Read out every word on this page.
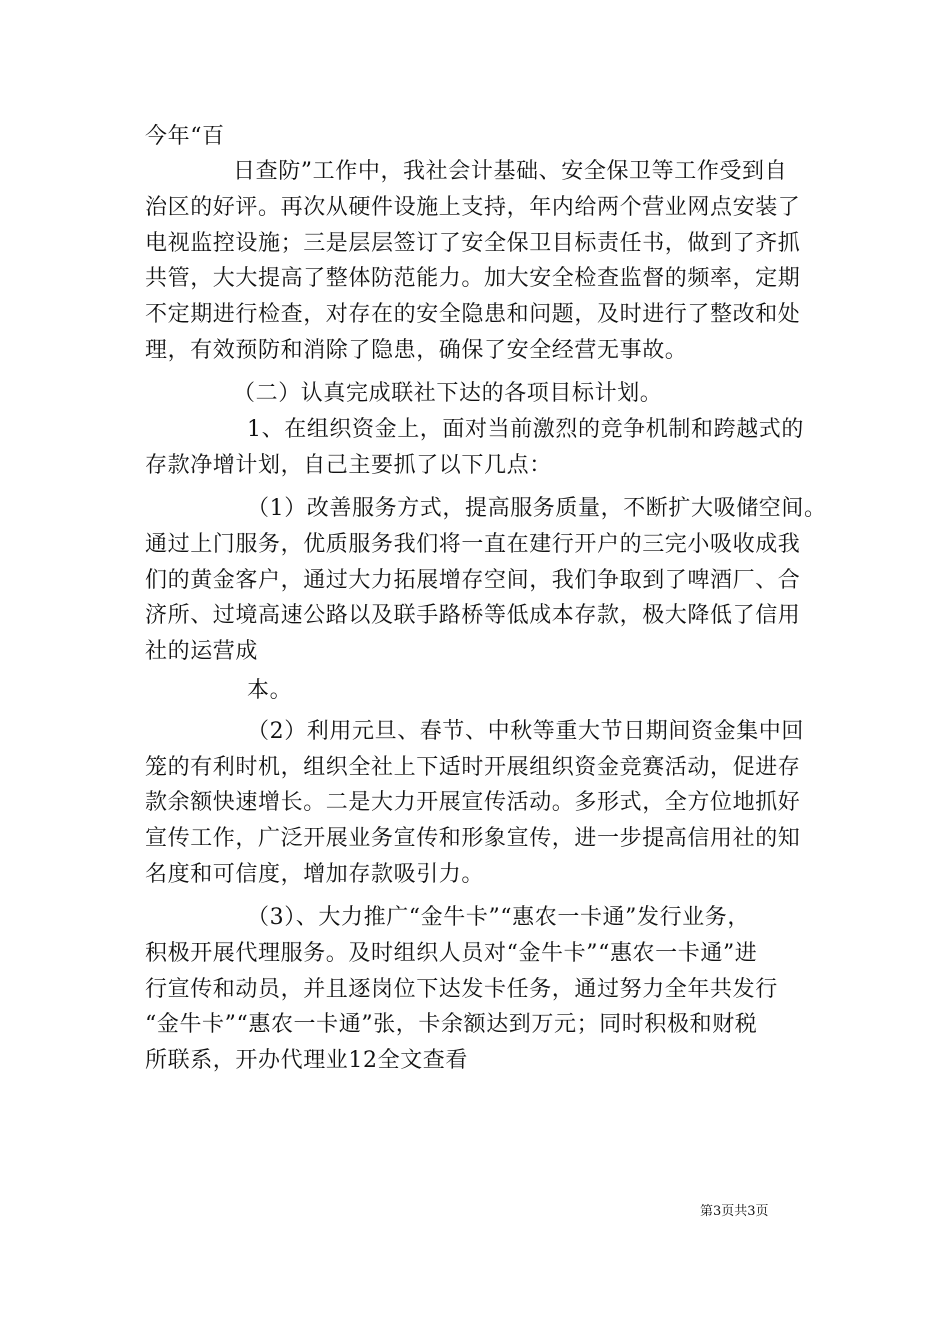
今年“百
日查防”工作中，我社会计基础、安全保卫等工作受到自
治区的好评。再次从硬件设施上支持，年内给两个营业网点安装了
电视监控设施；三是层层签订了安全保卫目标责任书，做到了齐抓
共管，大大提高了整体防范能力。加大安全检查监督的频率，定期
不定期进行检查，对存在的安全隐患和问题，及时进行了整改和处
理，有效预防和消除了隐患，确保了安全经营无事故。
（二）认真完成联社下达的各项目标计划。
1、在组织资金上，面对当前激烈的竞争机制和跨越式的
存款净增计划，自己主要抓了以下几点：
（1）改善服务方式，提高服务质量，不断扩大吸储空间。
通过上门服务，优质服务我们将一直在建行开户的三完小吸收成我
们的黄金客户，通过大力拓展增存空间，我们争取到了啤酒厂、合
济所、过境高速公路以及联手路桥等低成本存款，极大降低了信用
社的运营成
本。
（2）利用元旦、春节、中秋等重大节日期间资金集中回
笼的有利时机，组织全社上下适时开展组织资金竞赛活动，促进存
款余额快速增长。二是大力开展宣传活动。多形式，全方位地抓好
宣传工作，广泛开展业务宣传和形象宣传，进一步提高信用社的知
名度和可信度，增加存款吸引力。
（3）、大力推广“金牛卡”“惠农一卡通”发行业务，
积极开展代理服务。及时组织人员对“金牛卡”“惠农一卡通”进
行宣传和动员，并且逐岗位下达发卡任务，通过努力全年共发行
“金牛卡”“惠农一卡通”张，卡余额达到万元；同时积极和财税
所联系，开办代理业12全文查看
第3页共3页
